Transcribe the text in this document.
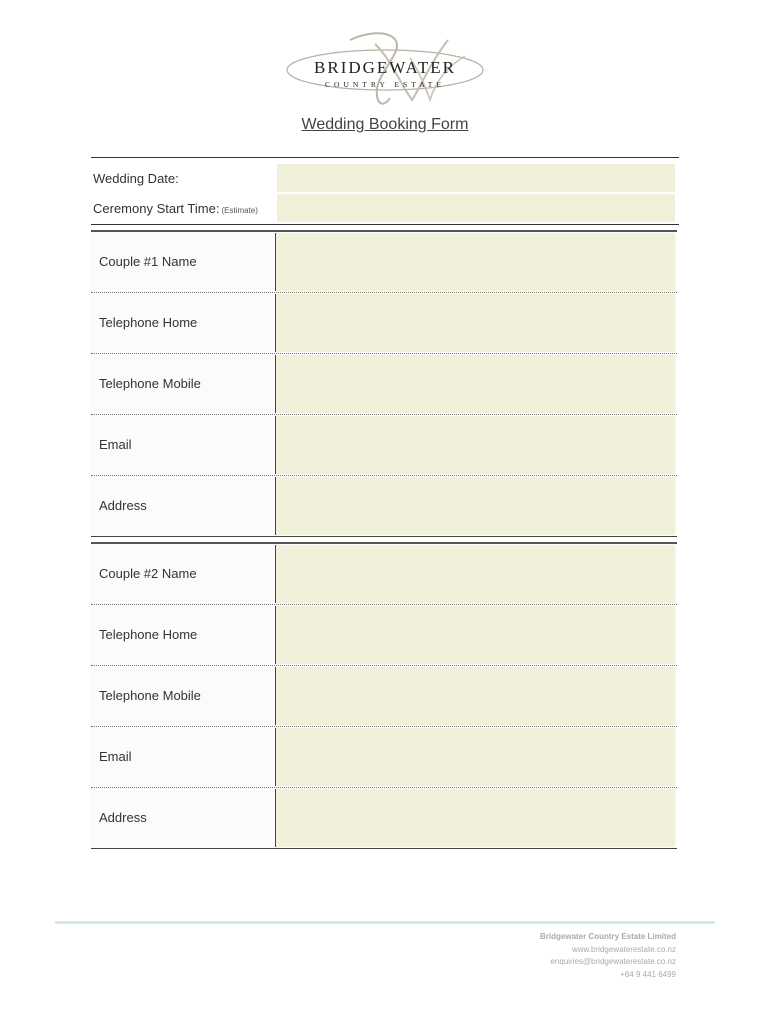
BRIDGEWATER
COUNTRY ESTATE
Wedding Booking Form
Wedding Date:
Ceremony Start Time: (Estimate)
Couple #1 Name
Telephone Home
Telephone Mobile
Email
Address
Couple #2 Name
Telephone Home
Telephone Mobile
Email
Address
Bridgewater Country Estate Limited
www.bridgewaterestate.co.nz
enquiries@bridgewaterestate.co.nz
+64 9 441 6499
